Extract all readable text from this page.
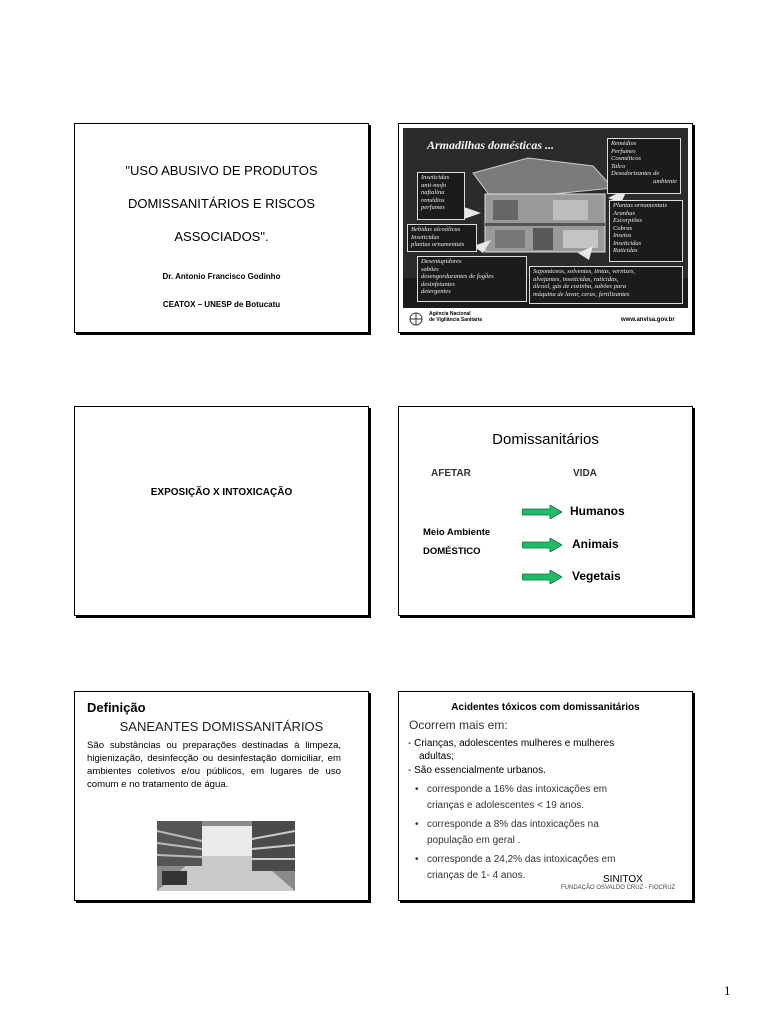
"USO ABUSIVO DE PRODUTOS
DOMISSANITÁRIOS E RISCOS
ASSOCIADOS".
Dr. Antonio Francisco Godinho
CEATOX – UNESP de Botucatu
Armadilhas domésticas ...	Remédios
Perfumes
Cosméticos
Talco
Desodorizantes de
ambiente
Inseticidas
anti-mofo
naftalina
remédios
perfumes
Bebidas alcoólicas
Inseticidas
plantas ornamentais
Plantas ornamentais
Aranhas
Escorpiões
Cobras
Insetos
Inseticidas
Raticidas
Desentupidores
sabões
desengordurantes de fogões
desinfetantes
detergentes
Saponáceos, solventes, tintas, vernizes,
alvejantes, inseticidas, raticidas,
álcool, gás de cozinha, sabões para
máquina de lavar, ceras, fertilizantes
Agência Nacional
de Vigilância Sanitária	www.anvisa.gov.br
EXPOSIÇÃO X INTOXICAÇÃO
Domissanitários
AFETAR	VIDA
Meio Ambiente
DOMÉSTICO
Humanos
Animais
Vegetais
Definição
SANEANTES DOMISSANITÁRIOS
São substâncias ou preparações destinadas à limpeza, higienização, desinfecção ou desinfestação domiciliar, em ambientes coletivos e/ou públicos, em lugares de uso comum e no tratamento de água.
Acidentes tóxicos com domissanitários
Ocorrem mais em:
- Crianças, adolescentes mulheres e mulheres
adultas;
- São essencialmente urbanos.
• corresponde a 16% das intoxicações em
crianças e adolescentes < 19 anos.
• corresponde a 8% das intoxicações na
população em geral .
• corresponde a 24,2% das intoxicações em
crianças de 1- 4 anos.	SINITOX
FUNDAÇÃO OSVALDO CRUZ - FIOCRUZ
1
